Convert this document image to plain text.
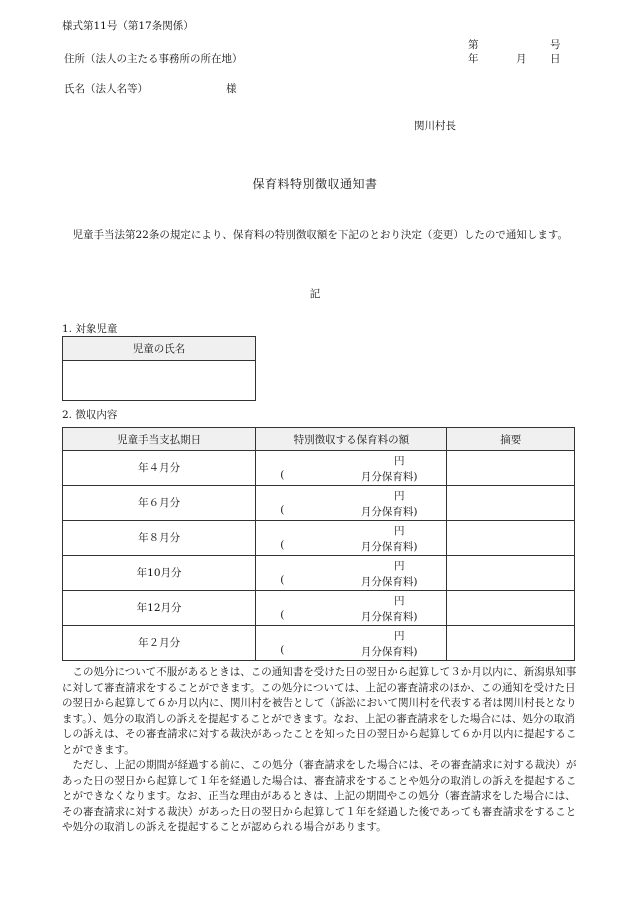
様式第11号（第17条関係）
第	号
年	月 日
住所（法人の主たる事務所の所在地）
氏名（法人名等）	様
関川村長
保育料特別徴収通知書
児童手当法第22条の規定により、保育料の特別徴収額を下記のとおり決定（変更）したので通知します。
記
1. 対象児童
児童の氏名

2. 徴収内容
児童手当支払期日	特別徴収する保育料の額	摘要
年４月分	円
( 月分保育料)	

年６月分	円
( 月分保育料)	

年８月分	円
( 月分保育料)	

年10月分	円
( 月分保育料)	

年12月分	円
( 月分保育料)	

年２月分	円
( 月分保育料)	

この処分について不服があるときは、この通知書を受けた日の翌日から起算して３か月以内に、新潟県知事に対して審査請求をすることができます。この処分については、上記の審査請求のほか、この通知を受けた日の翌日から起算して６か月以内に、関川村を被告として（訴訟において関川村を代表する者は関川村長となります。）、処分の取消しの訴えを提起することができます。なお、上記の審査請求をした場合には、処分の取消しの訴えは、その審査請求に対する裁決があったことを知った日の翌日から起算して６か月以内に提起することができます。

ただし、上記の期間が経過する前に、この処分（審査請求をした場合には、その審査請求に対する裁決）があった日の翌日から起算して１年を経過した場合は、審査請求をすることや処分の取消しの訴えを提起することができなくなります。なお、正当な理由があるときは、上記の期間やこの処分（審査請求をした場合には、その審査請求に対する裁決）があった日の翌日から起算して１年を経過した後であっても審査請求をすることや処分の取消しの訴えを提起することが認められる場合があります。
